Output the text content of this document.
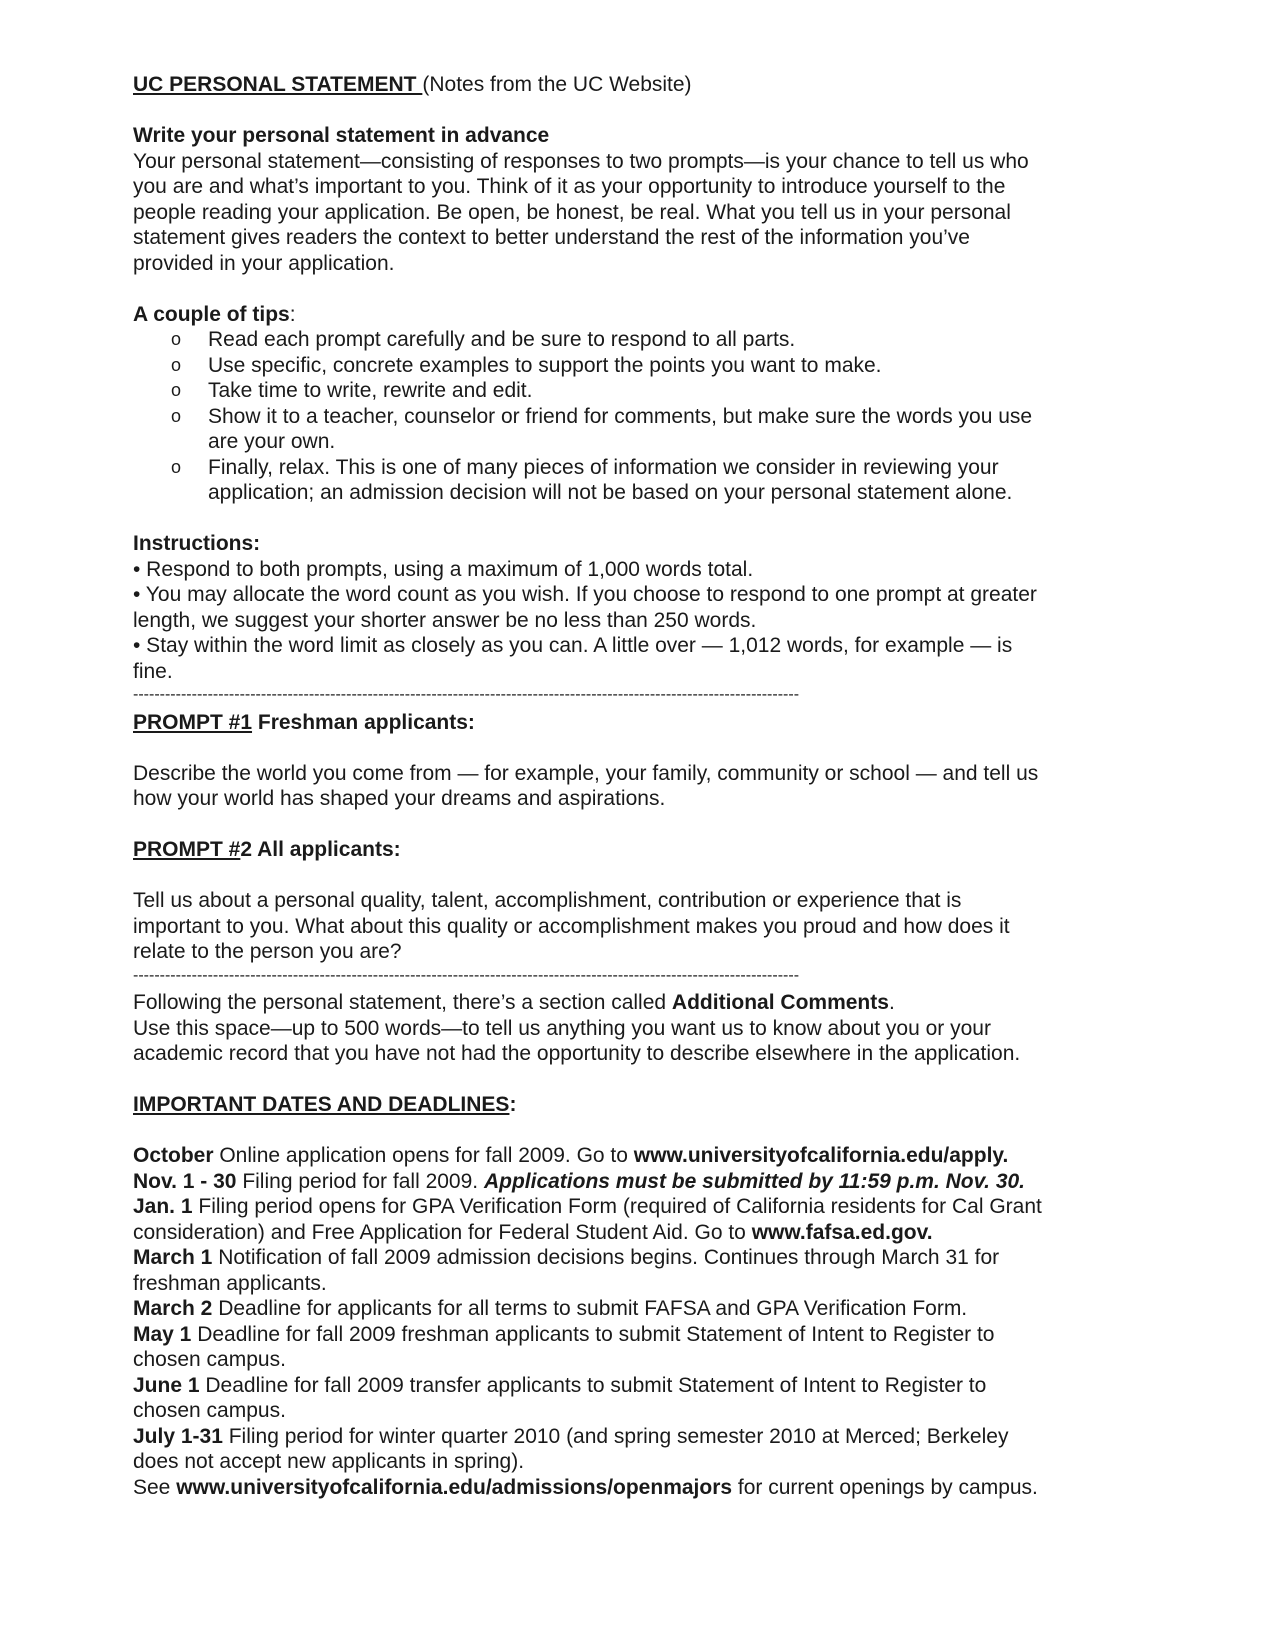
UC PERSONAL STATEMENT (Notes from the UC Website)

Write your personal statement in advance

Your personal statement—consisting of responses to two prompts—is your chance to tell us who

you are and what’s important to you. Think of it as your opportunity to introduce yourself to the

people reading your application. Be open, be honest, be real. What you tell us in your personal

statement gives readers the context to better understand the rest of the information you’ve

provided in your application.

A couple of tips:

o Read each prompt carefully and be sure to respond to all parts.
o Use specific, concrete examples to support the points you want to make.
o Take time to write, rewrite and edit.
o Show it to a teacher, counselor or friend for comments, but make sure the words you use
are your own.
o Finally, relax. This is one of many pieces of information we consider in reviewing your
application; an admission decision will not be based on your personal statement alone.

Instructions:

• Respond to both prompts, using a maximum of 1,000 words total.

• You may allocate the word count as you wish. If you choose to respond to one prompt at greater

length, we suggest your shorter answer be no less than 250 words.

• Stay within the word limit as closely as you can. A little over — 1,012 words, for example — is

fine.

-----------------------------------------------------------------------------------------------------------------------------

PROMPT #1 Freshman applicants:

Describe the world you come from — for example, your family, community or school — and tell us

how your world has shaped your dreams and aspirations.

PROMPT #2 All applicants:

Tell us about a personal quality, talent, accomplishment, contribution or experience that is

important to you. What about this quality or accomplishment makes you proud and how does it

relate to the person you are?

-----------------------------------------------------------------------------------------------------------------------------

Following the personal statement, there’s a section called Additional Comments.

Use this space—up to 500 words—to tell us anything you want us to know about you or your

academic record that you have not had the opportunity to describe elsewhere in the application.

IMPORTANT DATES AND DEADLINES:

October Online application opens for fall 2009. Go to www.universityofcalifornia.edu/apply.

Nov. 1 - 30 Filing period for fall 2009. Applications must be submitted by 11:59 p.m. Nov. 30.

Jan. 1 Filing period opens for GPA Verification Form (required of California residents for Cal Grant

consideration) and Free Application for Federal Student Aid. Go to www.fafsa.ed.gov.

March 1 Notification of fall 2009 admission decisions begins. Continues through March 31 for

freshman applicants.

March 2 Deadline for applicants for all terms to submit FAFSA and GPA Verification Form.

May 1 Deadline for fall 2009 freshman applicants to submit Statement of Intent to Register to

chosen campus.

June 1 Deadline for fall 2009 transfer applicants to submit Statement of Intent to Register to

chosen campus.

July 1-31 Filing period for winter quarter 2010 (and spring semester 2010 at Merced; Berkeley

does not accept new applicants in spring).

See www.universityofcalifornia.edu/admissions/openmajors for current openings by campus.
